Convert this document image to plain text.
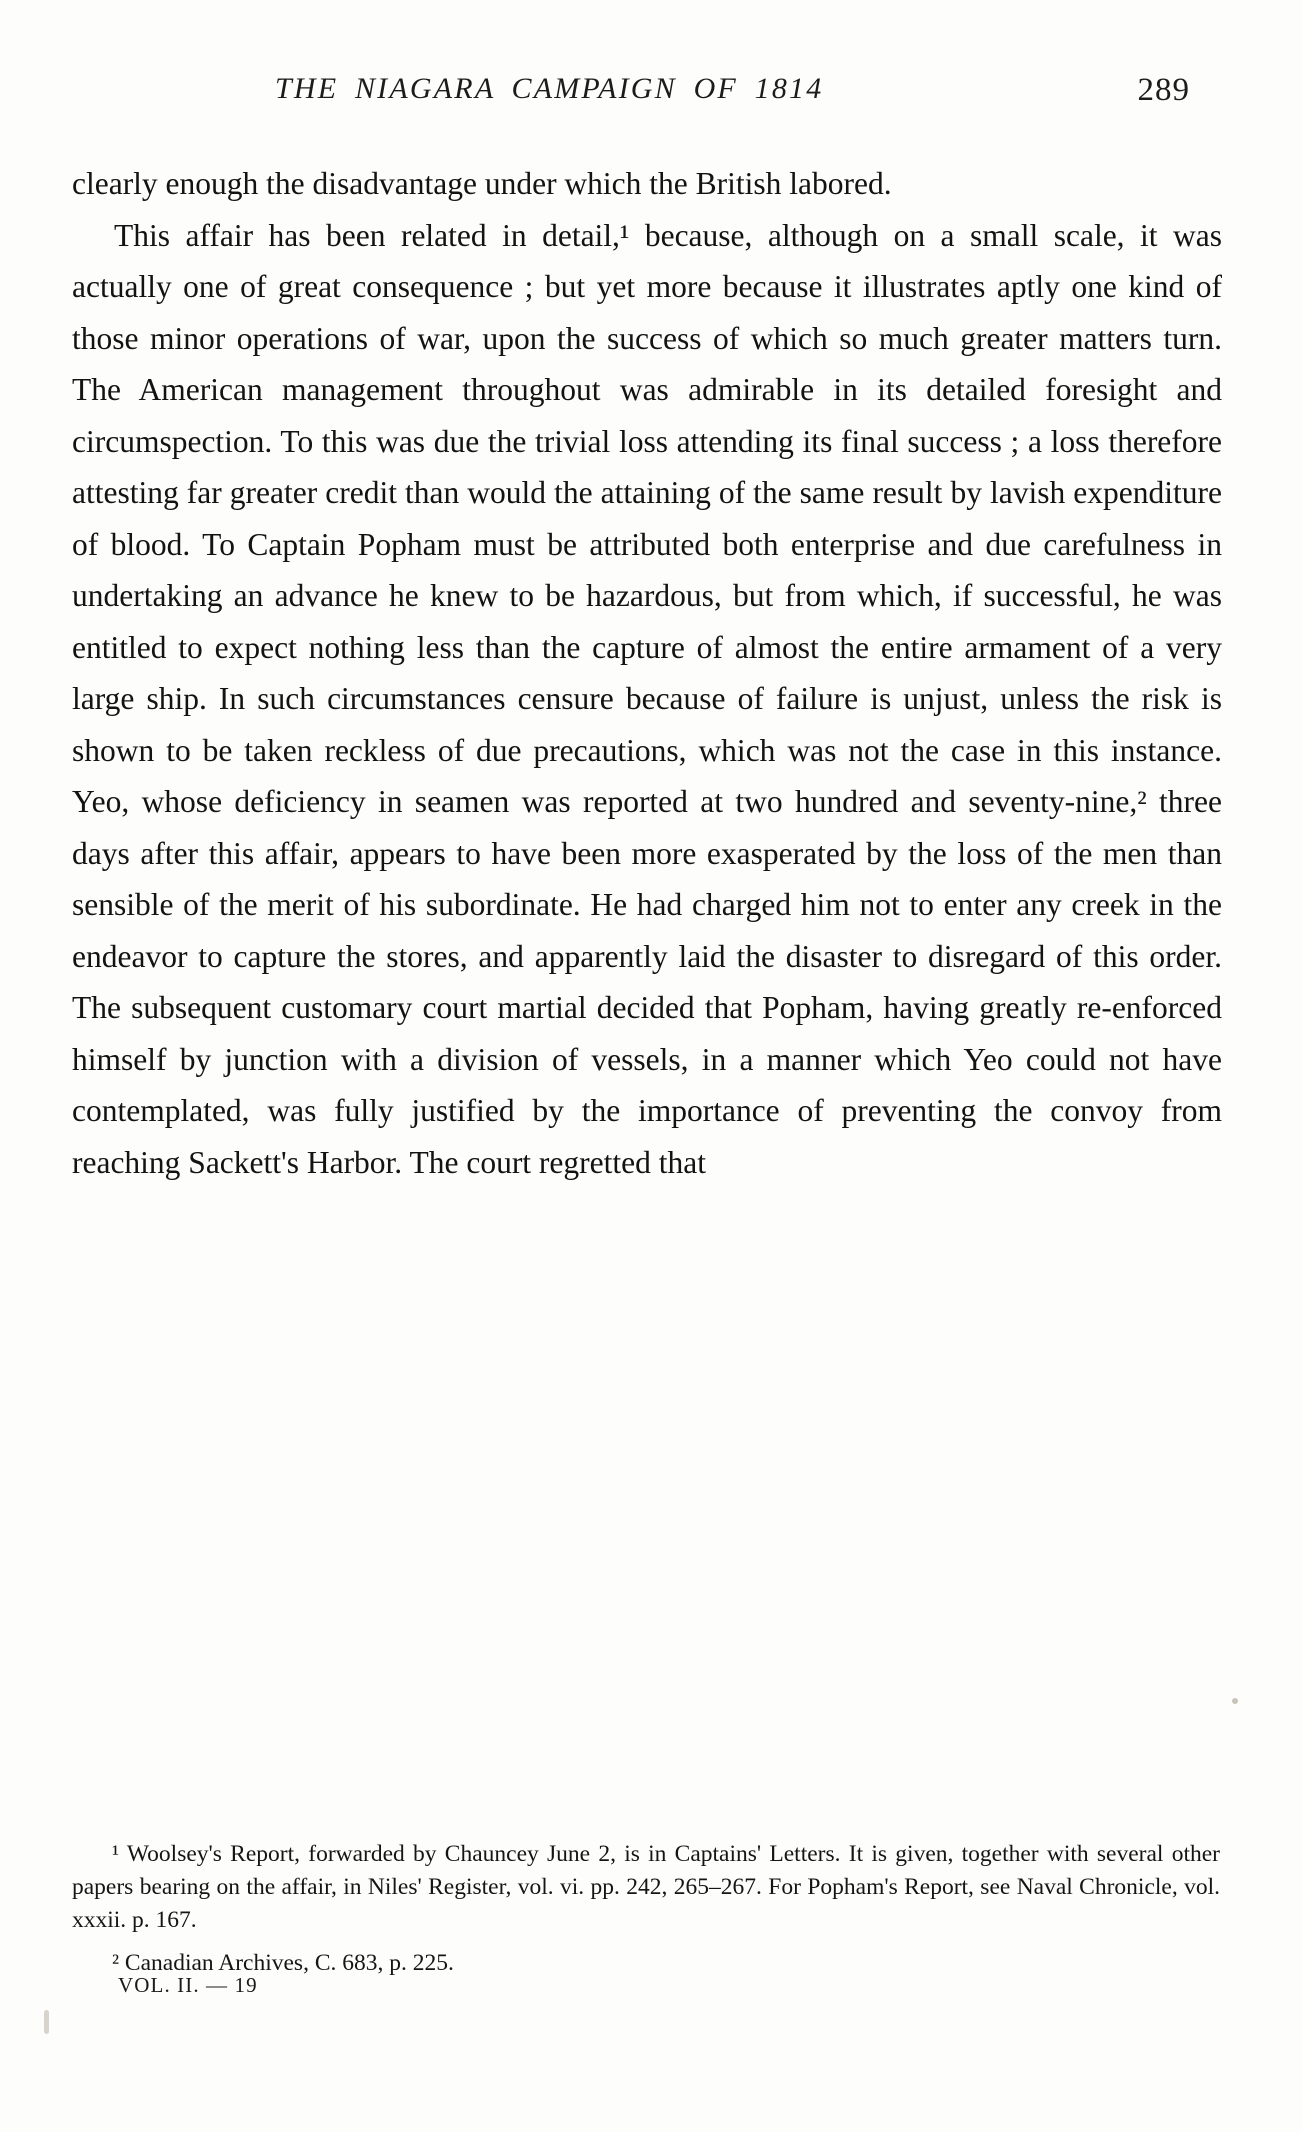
THE NIAGARA CAMPAIGN OF 1814	289

clearly enough the disadvantage under which the British labored.

This affair has been related in detail,¹ because, although on a small scale, it was actually one of great consequence ; but yet more because it illustrates aptly one kind of those minor operations of war, upon the success of which so much greater matters turn. The American management throughout was admirable in its detailed foresight and circumspection. To this was due the trivial loss attending its final success ; a loss therefore attesting far greater credit than would the attaining of the same result by lavish expenditure of blood. To Captain Popham must be attributed both enterprise and due carefulness in undertaking an advance he knew to be hazardous, but from which, if successful, he was entitled to expect nothing less than the capture of almost the entire armament of a very large ship. In such circumstances censure because of failure is unjust, unless the risk is shown to be taken reckless of due precautions, which was not the case in this instance. Yeo, whose deficiency in seamen was reported at two hundred and seventy-nine,² three days after this affair, appears to have been more exasperated by the loss of the men than sensible of the merit of his subordinate. He had charged him not to enter any creek in the endeavor to capture the stores, and apparently laid the disaster to disregard of this order. The subsequent customary court martial decided that Popham, having greatly re-enforced himself by junction with a division of vessels, in a manner which Yeo could not have contemplated, was fully justified by the importance of preventing the convoy from reaching Sackett's Harbor. The court regretted that

¹ Woolsey's Report, forwarded by Chauncey June 2, is in Captains' Letters. It is given, together with several other papers bearing on the affair, in Niles' Register, vol. vi. pp. 242, 265–267. For Popham's Report, see Naval Chronicle, vol. xxxii. p. 167.

² Canadian Archives, C. 683, p. 225.

VOL. II. — 19
